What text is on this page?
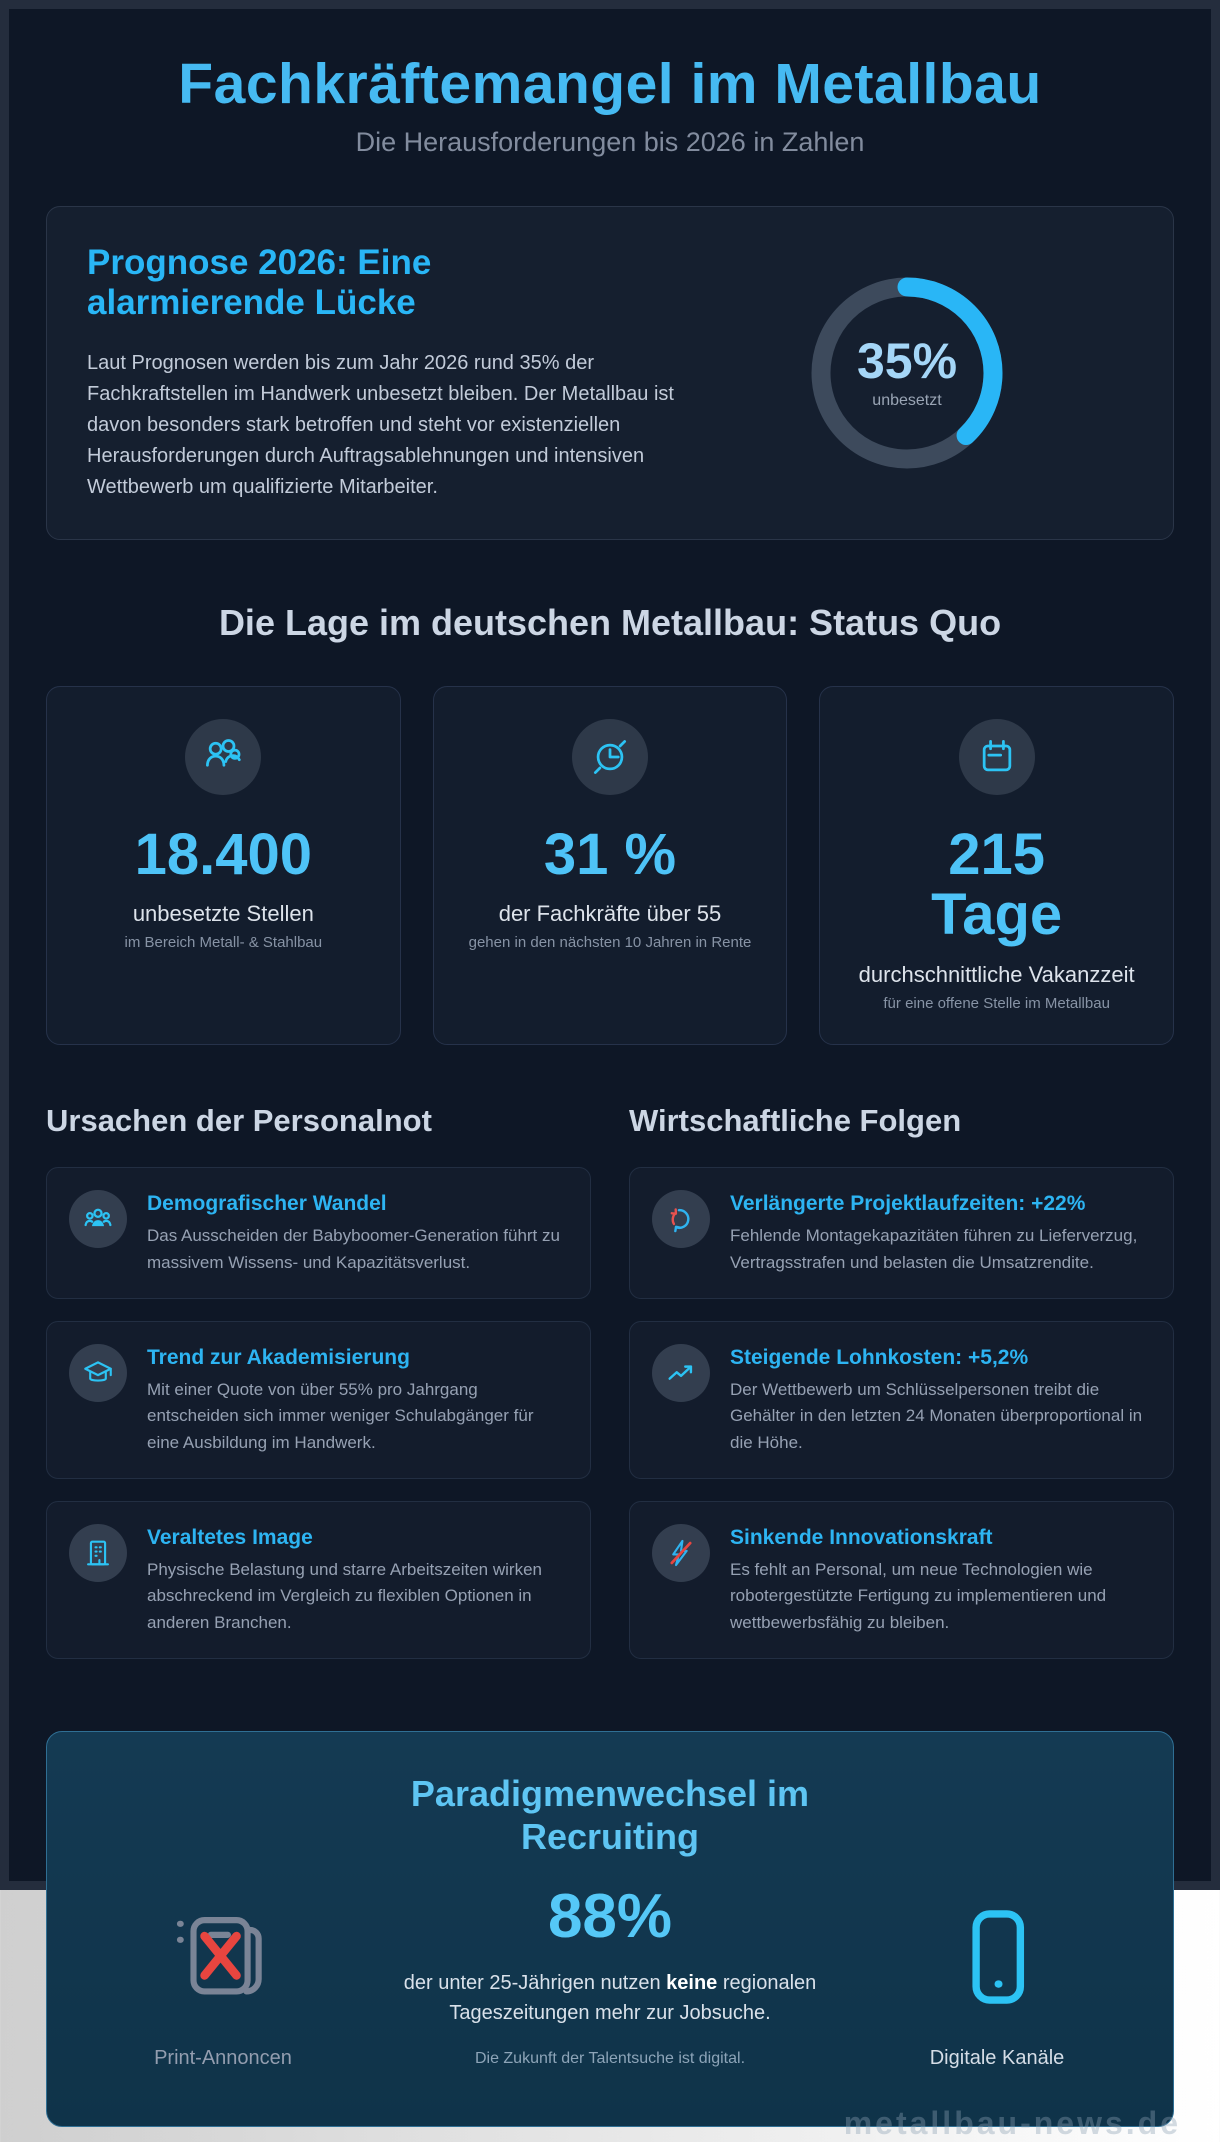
Fachkräftemangel im Metallbau
Die Herausforderungen bis 2026 in Zahlen
Prognose 2026: Eine alarmierende Lücke

Laut Prognosen werden bis zum Jahr 2026 rund 35% der Fachkraftstellen im Handwerk unbesetzt bleiben. Der Metallbau ist davon besonders stark betroffen und steht vor existenziellen Herausforderungen durch Auftragsablehnungen und intensiven Wettbewerb um qualifizierte Mitarbeiter.

35%
unbesetzt
Die Lage im deutschen Metallbau: Status Quo
18.400
unbesetzte Stellen
im Bereich Metall- & Stahlbau
31 %
der Fachkräfte über 55
gehen in den nächsten 10 Jahren in Rente
215
Tage
durchschnittliche Vakanzzeit
für eine offene Stelle im Metallbau
Ursachen der Personalnot
Demografischer Wandel
Das Ausscheiden der Babyboomer-Generation führt zu massivem Wissens- und Kapazitätsverlust.
Trend zur Akademisierung
Mit einer Quote von über 55% pro Jahrgang entscheiden sich immer weniger Schulabgänger für eine Ausbildung im Handwerk.
Veraltetes Image
Physische Belastung und starre Arbeitszeiten wirken abschreckend im Vergleich zu flexiblen Optionen in anderen Branchen.
Wirtschaftliche Folgen
Verlängerte Projektlaufzeiten: +22%
Fehlende Montagekapazitäten führen zu Lieferverzug, Vertragsstrafen und belasten die Umsatzrendite.
Steigende Lohnkosten: +5,2%
Der Wettbewerb um Schlüsselpersonen treibt die Gehälter in den letzten 24 Monaten überproportional in die Höhe.
Sinkende Innovationskraft
Es fehlt an Personal, um neue Technologien wie robotergestützte Fertigung zu implementieren und wettbewerbsfähig zu bleiben.
Paradigmenwechsel im Recruiting
Print-Annoncen
88%
der unter 25-Jährigen nutzen keine regionalen Tageszeitungen mehr zur Jobsuche.
Die Zukunft der Talentsuche ist digital.	Digitale Kanäle
metallbau-news.de
